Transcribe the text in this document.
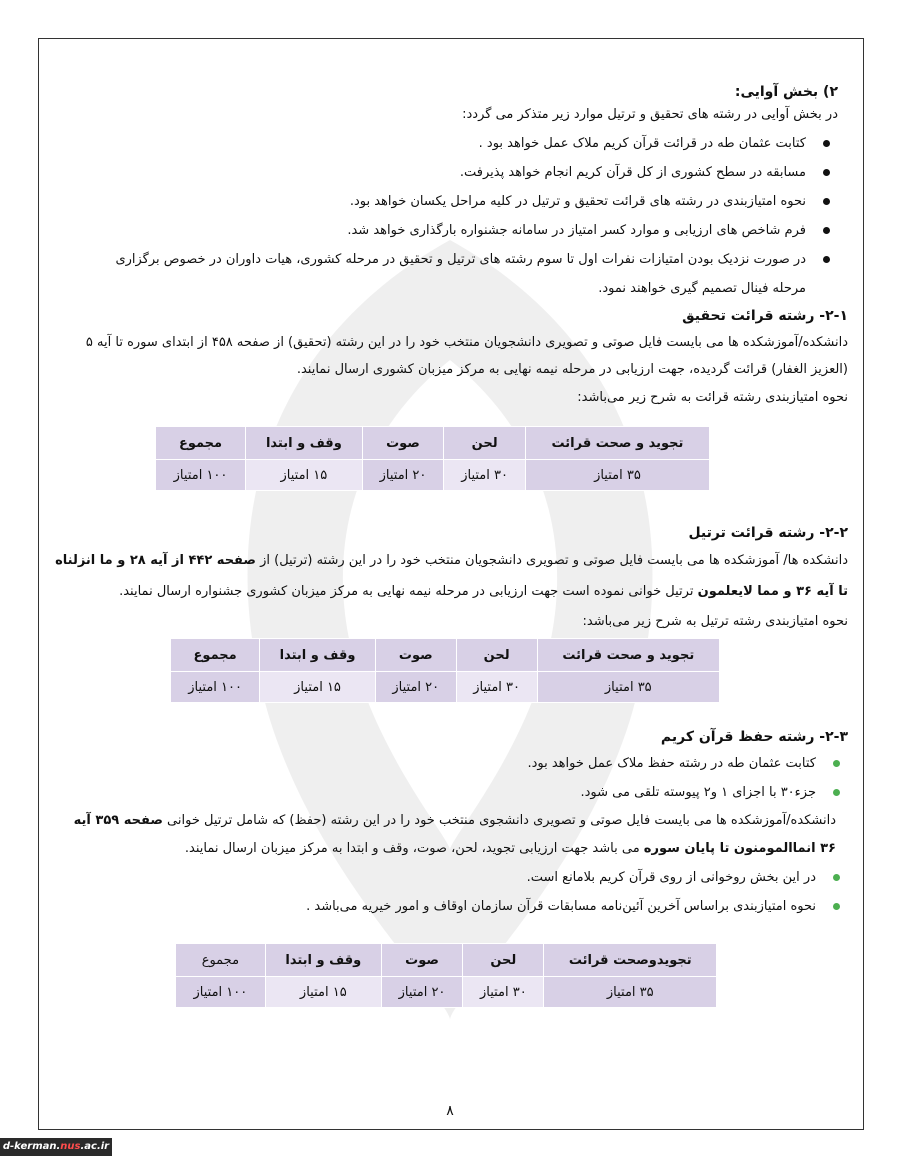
۲) بخش آوایی:

در بخش آوایی در رشته های تحقیق و ترتیل موارد زیر متذکر می گردد:

کتابت عثمان طه در قرائت قرآن کریم ملاک عمل خواهد بود .
مسابقه در سطح کشوری از کل قرآن کریم انجام خواهد پذیرفت.
نحوه امتیازبندی در رشته های قرائت تحقیق و ترتیل در کلیه مراحل یکسان خواهد بود.
فرم شاخص های ارزیابی و موارد کسر امتیاز در سامانه جشنواره بارگذاری خواهد شد.
در صورت نزدیک بودن امتیازات نفرات اول تا سوم رشته های ترتیل و تحقیق در مرحله کشوری، هیات داوران در خصوص برگزاری مرحله فینال تصمیم گیری خواهند نمود.

۲-۱- رشته قرائت تحقیق

دانشکده/آموزشکده ها می بایست فایل صوتی و تصویری دانشجویان منتخب خود را در این رشته (تحقیق) از صفحه ۴۵۸ از ابتدای سوره تا آیه ۵ (العزیز الغفار) قرائت گردیده، جهت ارزیابی در مرحله نیمه نهایی به مرکز میزبان کشوری ارسال نمایند.

نحوه امتیازبندی رشته قرائت به شرح زیر می‌باشد:

تجوید و صحت قرائت	لحن	صوت	وقف و ابتدا	مجموع
۳۵ امتیاز	۳۰ امتیاز	۲۰ امتیاز	۱۵ امتیاز	۱۰۰ امتیاز

۲-۲- رشته قرائت ترتیل

دانشکده ها/ آموزشکده ها می بایست فایل صوتی و تصویری دانشجویان منتخب خود را در این رشته (ترتیل) از صفحه ۴۴۲ از آیه ۲۸ و ما انزلناه تا آیه ۳۶ و مما لایعلمون ترتیل خوانی نموده است جهت ارزیابی در مرحله نیمه نهایی به مرکز میزبان کشوری جشنواره ارسال نمایند.

نحوه امتیازبندی رشته ترتیل به شرح زیر می‌باشد:

تجوید و صحت قرائت	لحن	صوت	وقف و ابتدا	مجموع
۳۵ امتیاز	۳۰ امتیاز	۲۰ امتیاز	۱۵ امتیاز	۱۰۰ امتیاز

۲-۳- رشته حفظ قرآن کریم

کتابت عثمان طه در رشته حفظ ملاک عمل خواهد بود.
جزء۳۰ با اجزای ۱ و۲ پیوسته تلقی می شود.

دانشکده/آموزشکده ها می بایست فایل صوتی و تصویری دانشجوی منتخب خود را در این رشته (حفظ) که شامل ترتیل خوانی صفحه ۳۵۹ آیه ۳۶ انماالمومنون تا پایان سوره می باشد جهت ارزیابی تجوید، لحن، صوت، وقف و ابتدا به مرکز میزبان ارسال نمایند.

در این بخش روخوانی از روی قرآن کریم بلامانع است.
نحوه امتیازبندی براساس آخرین آئین‌نامه مسابقات قرآن سازمان اوقاف و امور خیریه می‌باشد .
تجویدوصحت قرائت	لحن	صوت	وقف و ابتدا	مجموع
۳۵ امتیاز	۳۰ امتیاز	۲۰ امتیاز	۱۵ امتیاز	۱۰۰ امتیاز
۸
d-kerman.nus.ac.ir
